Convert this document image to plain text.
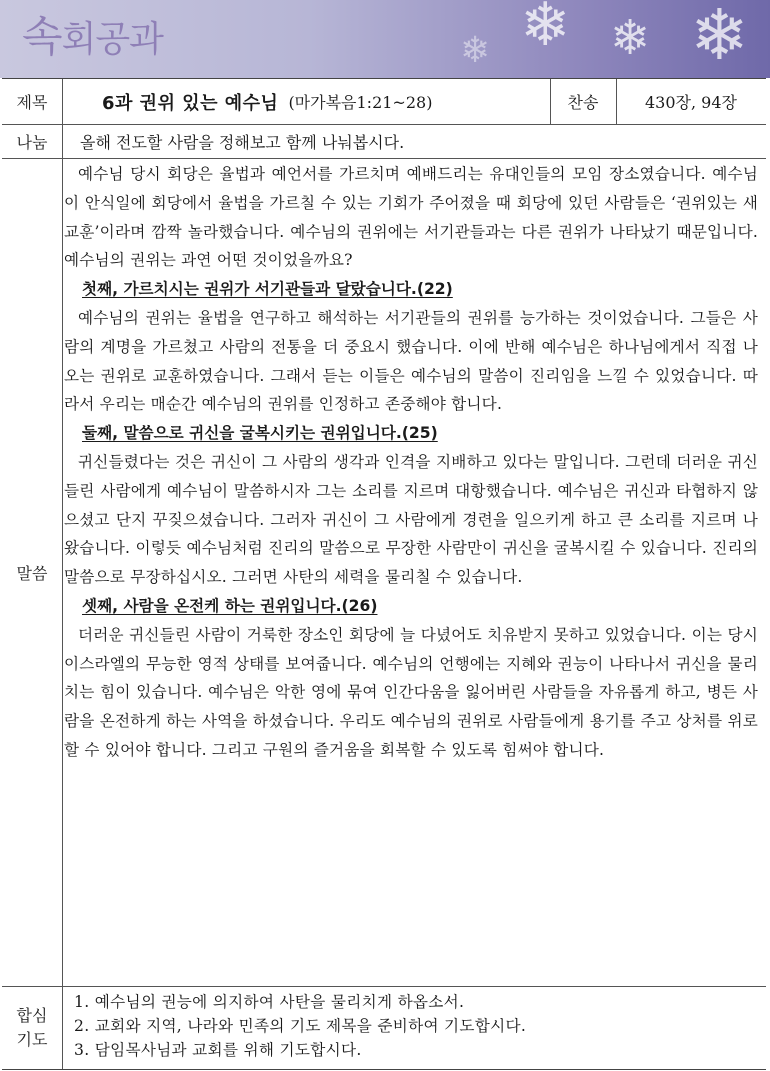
❄ ❄ ❄
❄
속회공과
제목	6과 권위 있는 예수님 (마가복음1:21~28)	찬송	430장, 94장
나눔	올해 전도할 사람을 정해보고 함께 나눠봅시다.
말씀

예수님 당시 회당은 율법과 예언서를 가르치며 예배드리는 유대인들의 모임 장소였습니다. 예수님이 안식일에 회당에서 율법을 가르칠 수 있는 기회가 주어졌을 때 회당에 있던 사람들은 ‘권위있는 새 교훈’이라며 깜짝 놀라했습니다. 예수님의 권위에는 서기관들과는 다른 권위가 나타났기 때문입니다. 예수님의 권위는 과연 어떤 것이었을까요?

첫째, 가르치시는 권위가 서기관들과 달랐습니다.(22)

예수님의 권위는 율법을 연구하고 해석하는 서기관들의 권위를 능가하는 것이었습니다. 그들은 사람의 계명을 가르쳤고 사람의 전통을 더 중요시 했습니다. 이에 반해 예수님은 하나님에게서 직접 나오는 권위로 교훈하였습니다. 그래서 듣는 이들은 예수님의 말씀이 진리임을 느낄 수 있었습니다. 따라서 우리는 매순간 예수님의 권위를 인정하고 존중해야 합니다.

둘째, 말씀으로 귀신을 굴복시키는 권위입니다.(25)

귀신들렸다는 것은 귀신이 그 사람의 생각과 인격을 지배하고 있다는 말입니다. 그런데 더러운 귀신 들린 사람에게 예수님이 말씀하시자 그는 소리를 지르며 대항했습니다. 예수님은 귀신과 타협하지 않으셨고 단지 꾸짖으셨습니다. 그러자 귀신이 그 사람에게 경련을 일으키게 하고 큰 소리를 지르며 나왔습니다. 이렇듯 예수님처럼 진리의 말씀으로 무장한 사람만이 귀신을 굴복시킬 수 있습니다. 진리의 말씀으로 무장하십시오. 그러면 사탄의 세력을 물리칠 수 있습니다.

셋째, 사람을 온전케 하는 권위입니다.(26)

더러운 귀신들린 사람이 거룩한 장소인 회당에 늘 다녔어도 치유받지 못하고 있었습니다. 이는 당시 이스라엘의 무능한 영적 상태를 보여줍니다. 예수님의 언행에는 지혜와 권능이 나타나서 귀신을 물리치는 힘이 있습니다. 예수님은 악한 영에 묶여 인간다움을 잃어버린 사람들을 자유롭게 하고, 병든 사람을 온전하게 하는 사역을 하셨습니다. 우리도 예수님의 권위로 사람들에게 용기를 주고 상처를 위로할 수 있어야 합니다. 그리고 구원의 즐거움을 회복할 수 있도록 힘써야 합니다.

합심
기도

1. 예수님의 권능에 의지하여 사탄을 물리치게 하옵소서.

2. 교회와 지역, 나라와 민족의 기도 제목을 준비하여 기도합시다.

3. 담임목사님과 교회를 위해 기도합시다.
